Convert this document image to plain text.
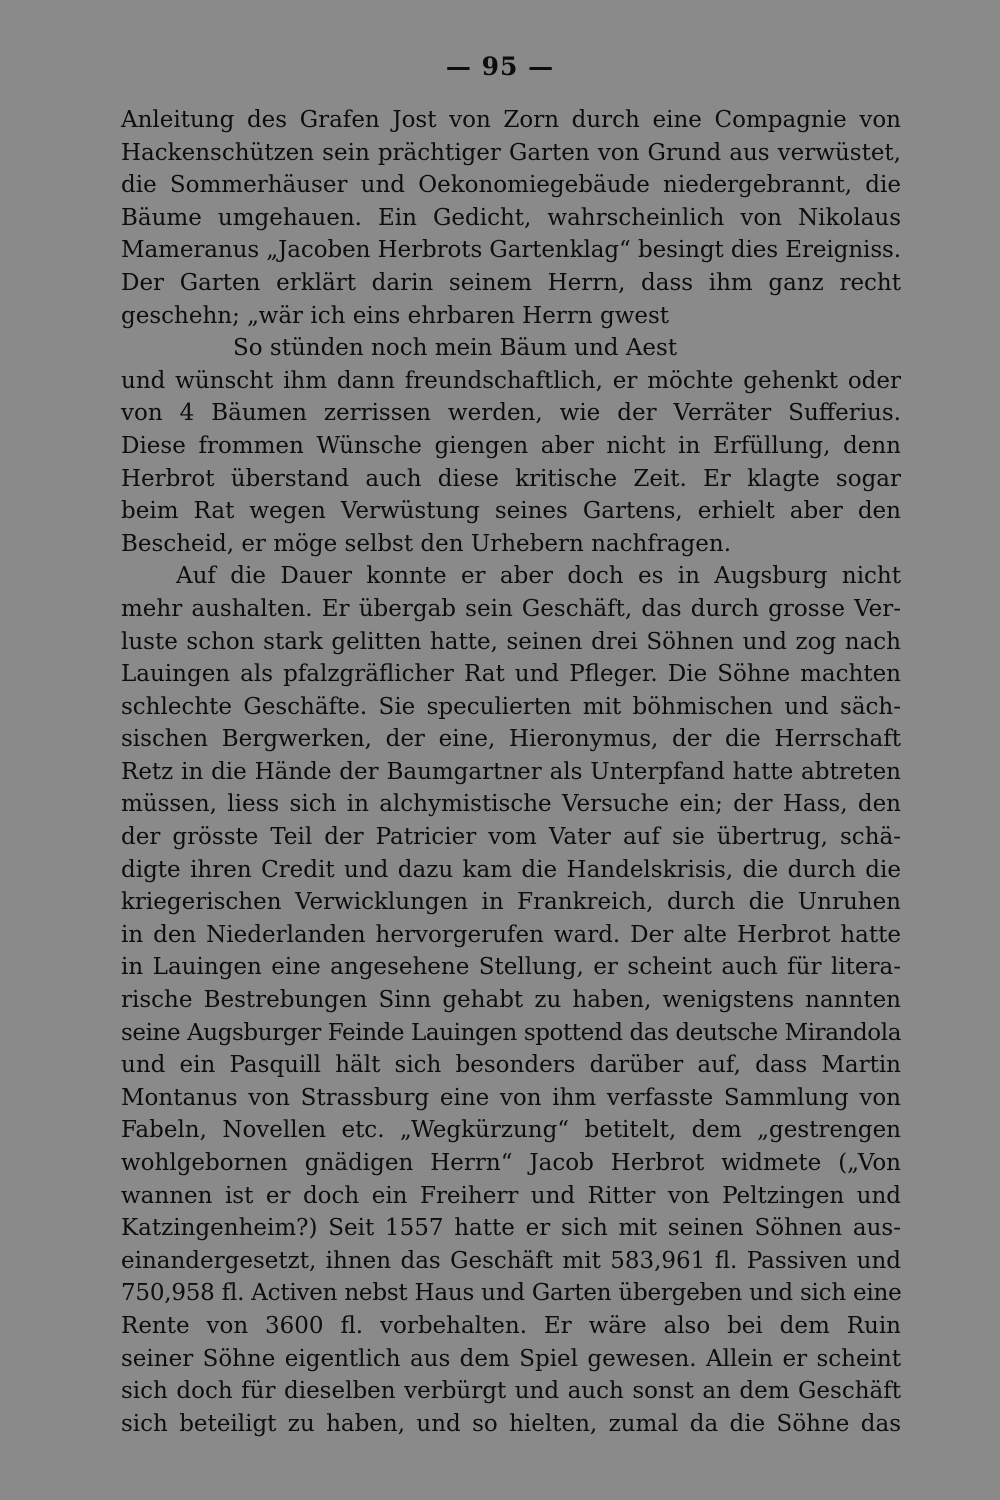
— 95 —
Anleitung des Grafen Jost von Zorn durch eine Compagnie von
Hackenschützen sein prächtiger Garten von Grund aus verwüstet,
die Sommerhäuser und Oekonomiegebäude niedergebrannt, die
Bäume umgehauen. Ein Gedicht, wahrscheinlich von Nikolaus
Mameranus „Jacoben Herbrots Gartenklag“ besingt dies Ereigniss.
Der Garten erklärt darin seinem Herrn, dass ihm ganz recht
geschehn; „wär ich eins ehrbaren Herrn gwest
So stünden noch mein Bäum und Aest
und wünscht ihm dann freundschaftlich, er möchte gehenkt oder
von 4 Bäumen zerrissen werden, wie der Verräter Sufferius.
Diese frommen Wünsche giengen aber nicht in Erfüllung, denn
Herbrot überstand auch diese kritische Zeit. Er klagte sogar
beim Rat wegen Verwüstung seines Gartens, erhielt aber den
Bescheid, er möge selbst den Urhebern nachfragen.
Auf die Dauer konnte er aber doch es in Augsburg nicht
mehr aushalten. Er übergab sein Geschäft, das durch grosse Ver-
luste schon stark gelitten hatte, seinen drei Söhnen und zog nach
Lauingen als pfalzgräflicher Rat und Pfleger. Die Söhne machten
schlechte Geschäfte. Sie speculierten mit böhmischen und säch-
sischen Bergwerken, der eine, Hieronymus, der die Herrschaft
Retz in die Hände der Baumgartner als Unterpfand hatte abtreten
müssen, liess sich in alchymistische Versuche ein; der Hass, den
der grösste Teil der Patricier vom Vater auf sie übertrug, schä-
digte ihren Credit und dazu kam die Handelskrisis, die durch die
kriegerischen Verwicklungen in Frankreich, durch die Unruhen
in den Niederlanden hervorgerufen ward. Der alte Herbrot hatte
in Lauingen eine angesehene Stellung, er scheint auch für litera-
rische Bestrebungen Sinn gehabt zu haben, wenigstens nannten
seine Augsburger Feinde Lauingen spottend das deutsche Mirandola
und ein Pasquill hält sich besonders darüber auf, dass Martin
Montanus von Strassburg eine von ihm verfasste Sammlung von
Fabeln, Novellen etc. „Wegkürzung“ betitelt, dem „gestrengen
wohlgebornen gnädigen Herrn“ Jacob Herbrot widmete („Von
wannen ist er doch ein Freiherr und Ritter von Peltzingen und
Katzingenheim?) Seit 1557 hatte er sich mit seinen Söhnen aus-
einandergesetzt, ihnen das Geschäft mit 583,961 fl. Passiven und
750,958 fl. Activen nebst Haus und Garten übergeben und sich eine
Rente von 3600 fl. vorbehalten. Er wäre also bei dem Ruin
seiner Söhne eigentlich aus dem Spiel gewesen. Allein er scheint
sich doch für dieselben verbürgt und auch sonst an dem Geschäft
sich beteiligt zu haben, und so hielten, zumal da die Söhne das
